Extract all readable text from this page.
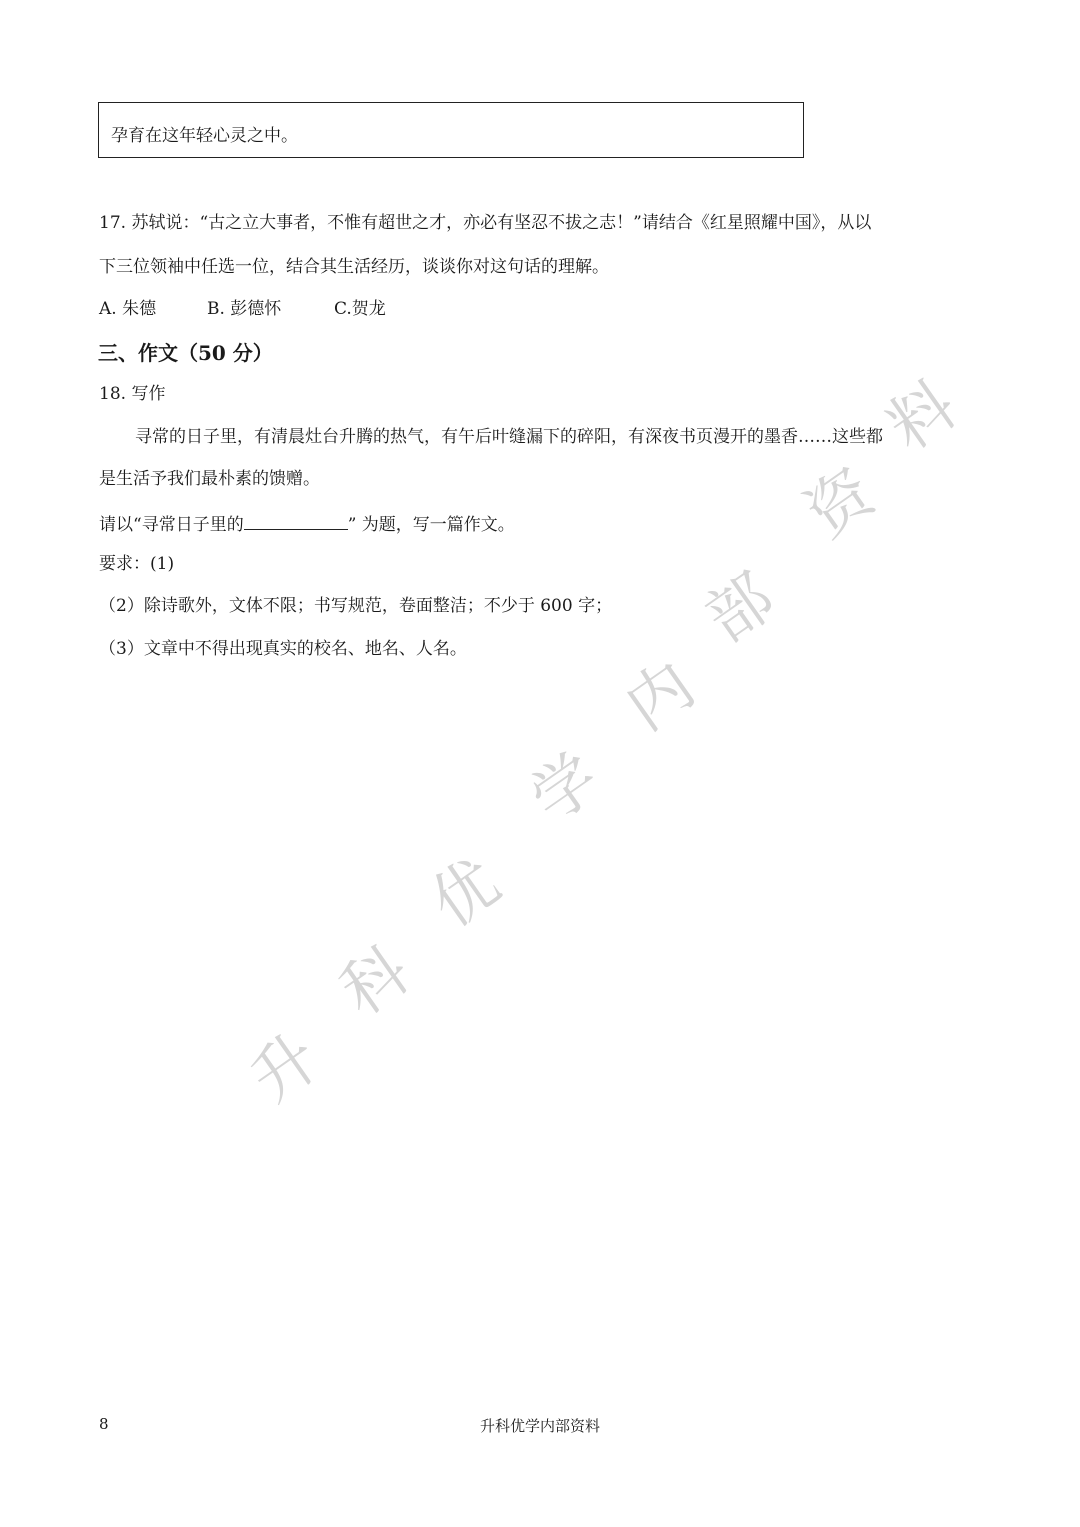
孕育在这年轻心灵之中。
17. 苏轼说：“古之立大事者，不惟有超世之才，亦必有坚忍不拔之志！”请结合《红星照耀中国》，从以
下三位领袖中任选一位，结合其生活经历，谈谈你对这句话的理解。
A. 朱德	B. 彭德怀	C.贺龙
三、作文（50 分）
18. 写作
寻常的日子里，有清晨灶台升腾的热气，有午后叶缝漏下的碎阳，有深夜书页漫开的墨香……这些都
是生活予我们最朴素的馈赠。
请以“寻常日子里的	” 为题，写一篇作文。
要求：(1)
（2）除诗歌外，文体不限；书写规范，卷面整洁；不少于 600 字；
（3）文章中不得出现真实的校名、地名、人名。
升
科
优
学
内
部
资
料
8	升科优学内部资料
